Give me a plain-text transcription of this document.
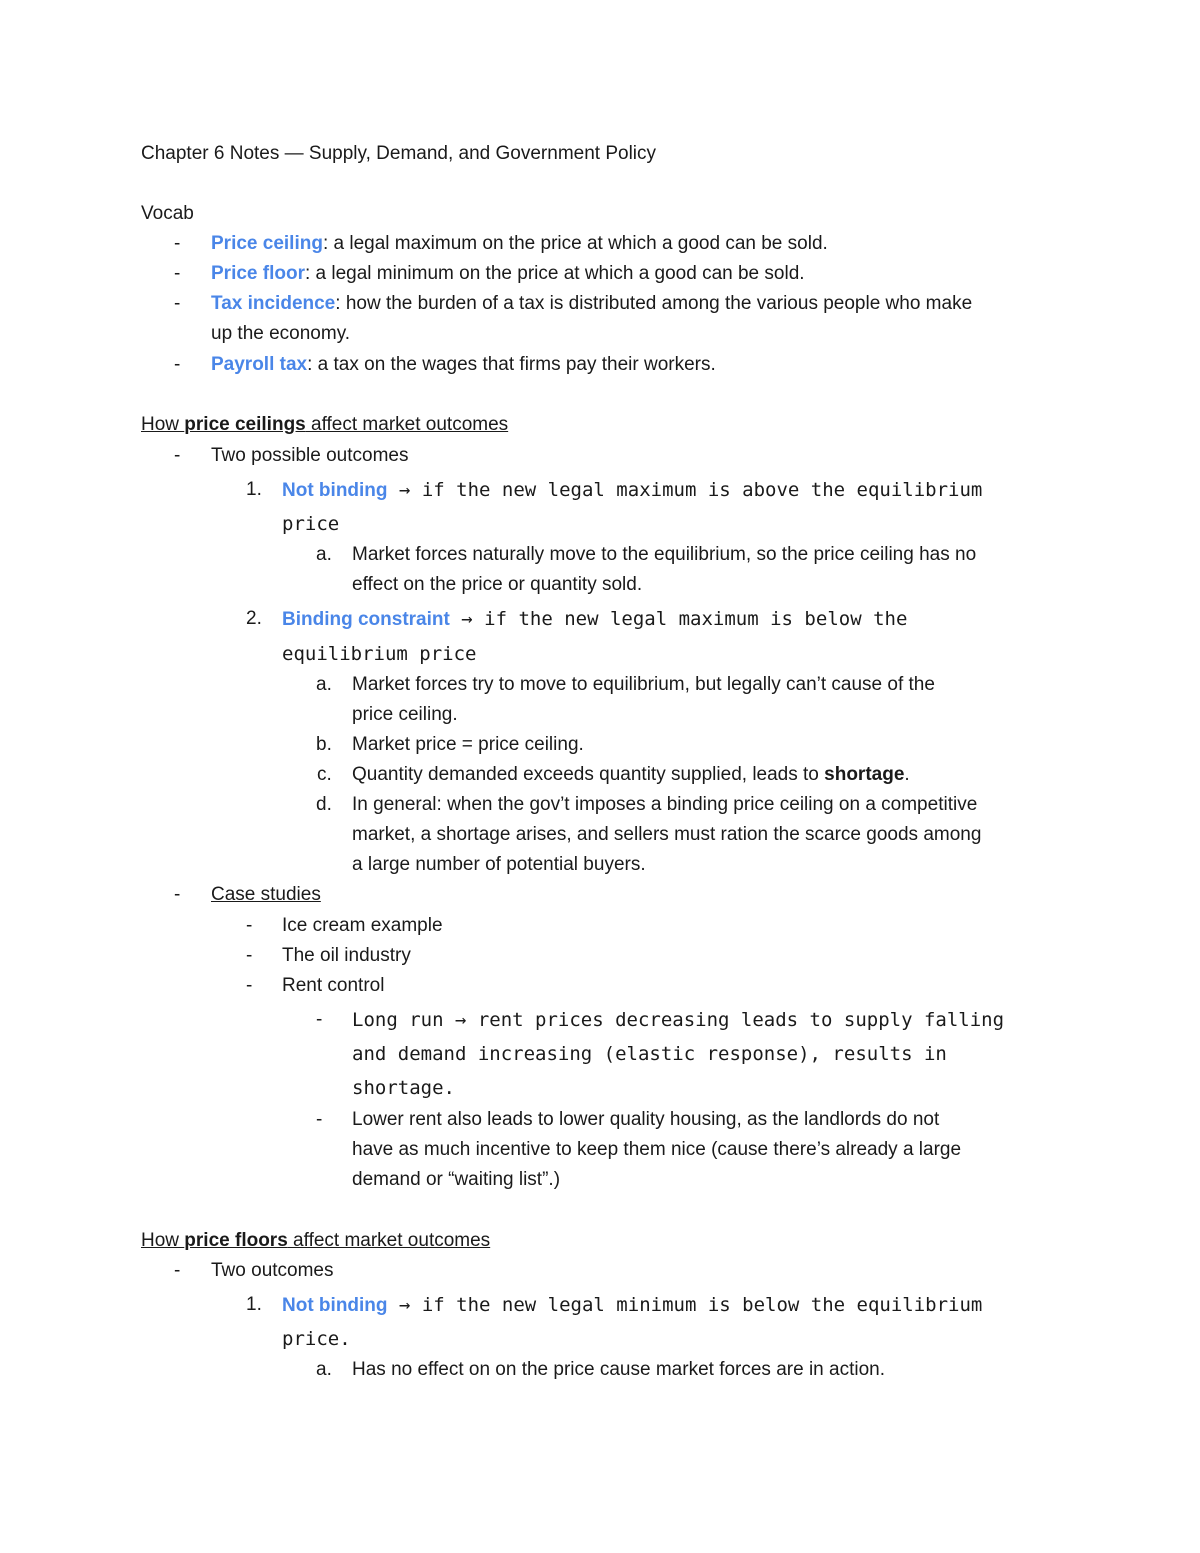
Chapter 6 Notes — Supply, Demand, and Government Policy
Vocab
- Price ceiling: a legal maximum on the price at which a good can be sold.
- Price floor: a legal minimum on the price at which a good can be sold.
- Tax incidence: how the burden of a tax is distributed among the various people who make
up the economy.
- Payroll tax: a tax on the wages that firms pay their workers.
How price ceilings affect market outcomes
- Two possible outcomes
1. Not binding → if the new legal maximum is above the equilibrium
price
a. Market forces naturally move to the equilibrium, so the price ceiling has no
effect on the price or quantity sold.
2. Binding constraint → if the new legal maximum is below the
equilibrium price
a. Market forces try to move to equilibrium, but legally can’t cause of the
price ceiling.
b. Market price = price ceiling.
c. Quantity demanded exceeds quantity supplied, leads to shortage.
d. In general: when the gov’t imposes a binding price ceiling on a competitive
market, a shortage arises, and sellers must ration the scarce goods among
a large number of potential buyers.
- Case studies
- Ice cream example
- The oil industry
- Rent control
- Long run → rent prices decreasing leads to supply falling
and demand increasing (elastic response), results in
shortage.
- Lower rent also leads to lower quality housing, as the landlords do not
have as much incentive to keep them nice (cause there’s already a large
demand or “waiting list”.)
How price floors affect market outcomes
- Two outcomes
1. Not binding → if the new legal minimum is below the equilibrium
price.
a. Has no effect on on the price cause market forces are in action.
